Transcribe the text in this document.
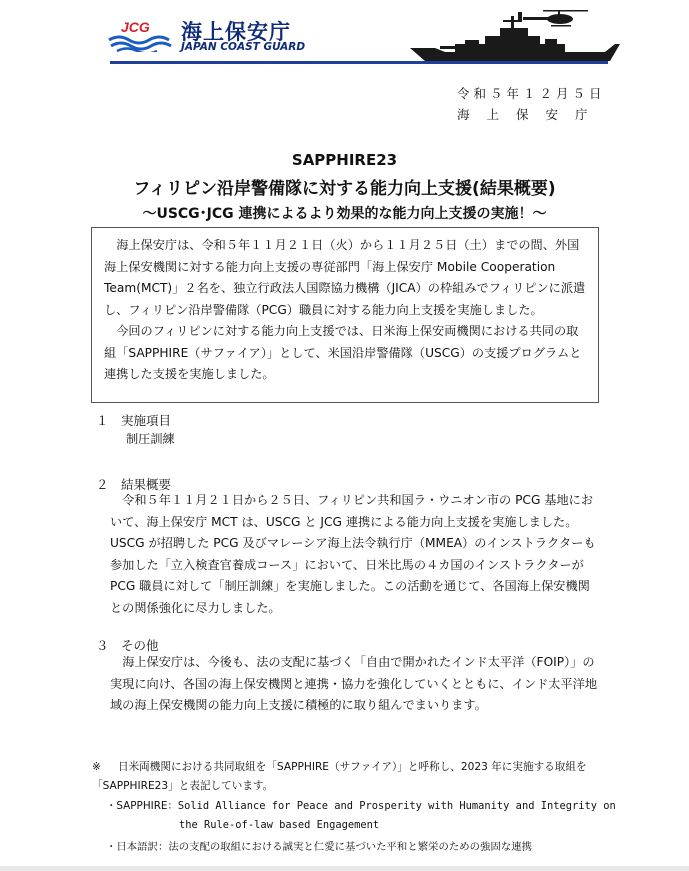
JCG 海上保安庁
JAPAN COAST GUARD
令和５年１２月５日
海上保安庁
SAPPHIRE23
フィリピン沿岸警備隊に対する能力向上支援(結果概要)
～USCG･JCG 連携によるより効果的な能力向上支援の実施！～

海上保安庁は、令和５年１１月２１日（火）から１１月２５日（土）までの間、外国海上保安機関に対する能力向上支援の専従部門「海上保安庁 Mobile Cooperation Team(MCT)」２名を、独立行政法人国際協力機構（JICA）の枠組みでフィリピンに派遣し、フィリピン沿岸警備隊（PCG）職員に対する能力向上支援を実施しました。

今回のフィリピンに対する能力向上支援では、日米海上保安両機関における共同の取組「SAPPHIRE（サファイア）」として、米国沿岸警備隊（USCG）の支援プログラムと連携した支援を実施しました。

１ 実施項目
制圧訓練
２ 結果概要
令和５年１１月２１日から２５日、フィリピン共和国ラ・ウニオン市の PCG 基地において、海上保安庁 MCT は、USCG と JCG 連携による能力向上支援を実施しました。USCG が招聘した PCG 及びマレーシア海上法令執行庁（MMEA）のインストラクターも参加した「立入検査官養成コース」において、日米比馬の４カ国のインストラクターが PCG 職員に対して「制圧訓練」を実施しました。この活動を通じて、各国海上保安機関との関係強化に尽力しました。
３ その他
海上保安庁は、今後も、法の支配に基づく「自由で開かれたインド太平洋（FOIP）」の実現に向け、各国の海上保安機関と連携・協力を強化していくとともに、インド太平洋地域の海上保安機関の能力向上支援に積極的に取り組んでまいります。
※ 日米両機関における共同取組を「SAPPHIRE（サファイア）」と呼称し、2023 年に実施する取組を「SAPPHIRE23」と表記しています。
・SAPPHIRE：Solid Alliance for Peace and Prosperity with Humanity and Integrity on
the Rule-of-law based Engagement
・日本語訳：法の支配の取組における誠実と仁愛に基づいた平和と繁栄のための強固な連携
